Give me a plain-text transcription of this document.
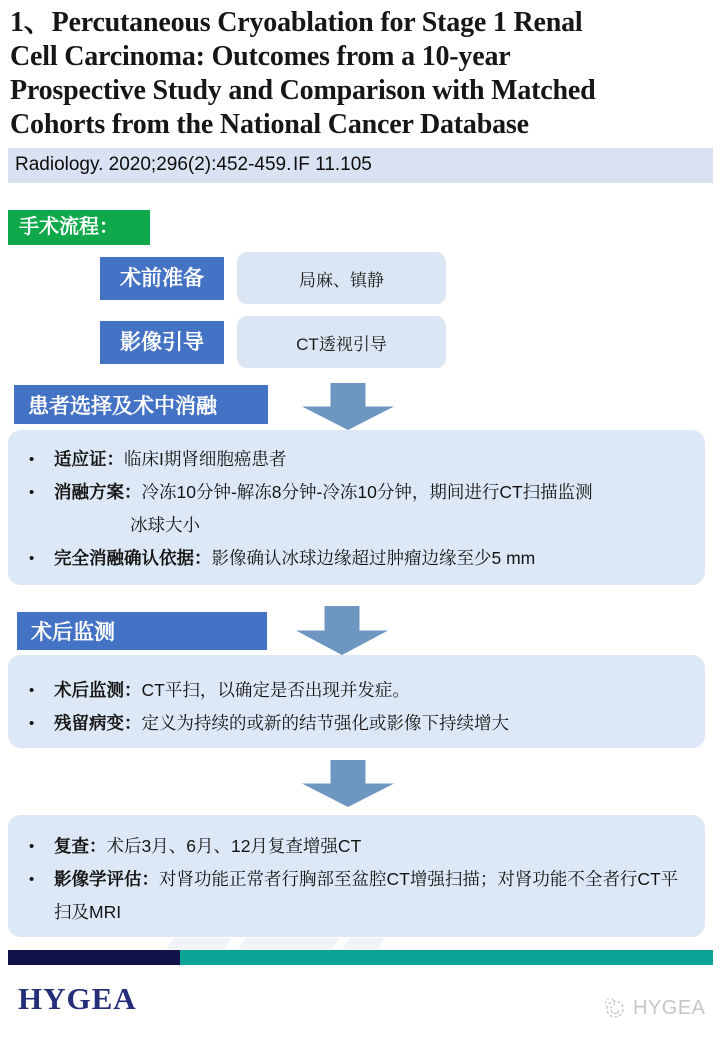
1、Percutaneous Cryoablation for Stage 1 Renal
Cell Carcinoma: Outcomes from a 10-year
Prospective Study and Comparison with Matched
Cohorts from the National Cancer Database
Radiology. 2020;296(2):452-459. IF 11.105
手术流程：
术前准备	局麻、镇静
影像引导	CT透视引导
患者选择及术中消融
• 适应证：临床I期肾细胞癌患者
• 消融方案：冷冻10分钟-解冻8分钟-冷冻10分钟，期间进行CT扫描监测
冰球大小
• 完全消融确认依据：影像确认冰球边缘超过肿瘤边缘至少5 mm
术后监测
• 术后监测：CT平扫，以确定是否出现并发症。
• 残留病变：定义为持续的或新的结节强化或影像下持续增大
• 复查：术后3月、6月、12月复查增强CT
• 影像学评估：对肾功能正常者行胸部至盆腔CT增强扫描；对肾功能不全者行CT平扫及MRI
HYGEA	HYGEA
